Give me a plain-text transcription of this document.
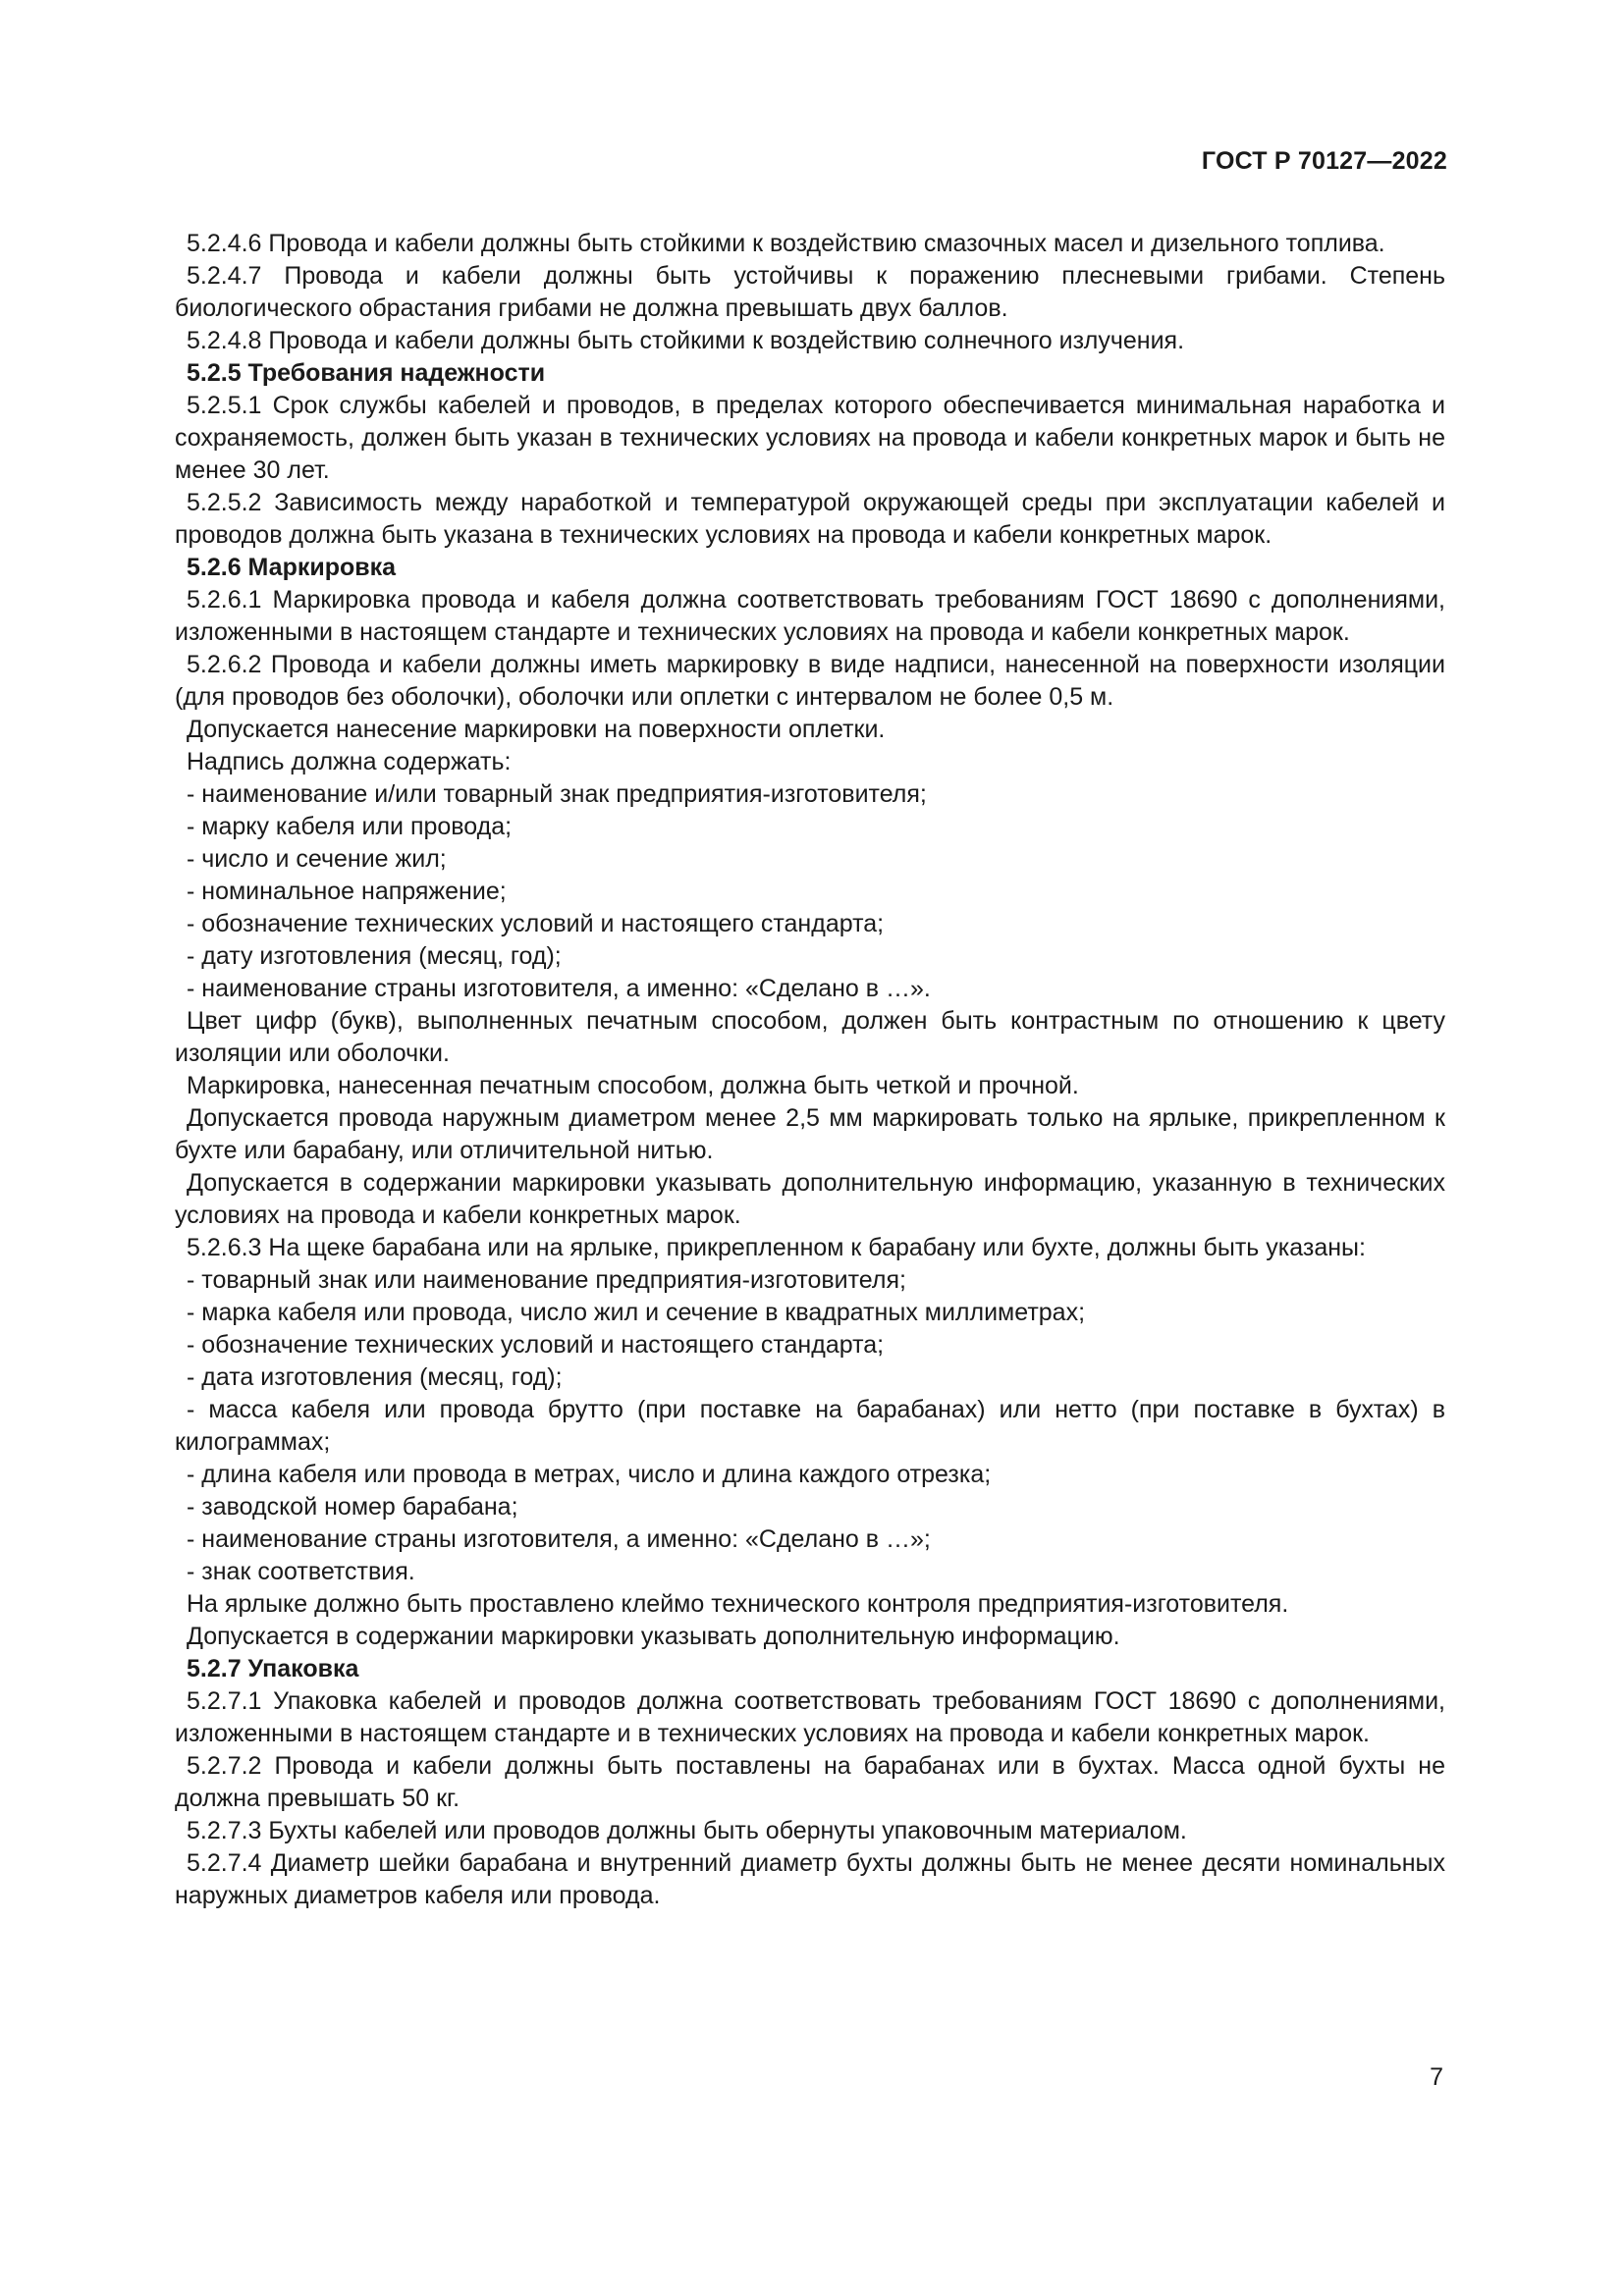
ГОСТ Р 70127—2022

5.2.4.6 Провода и кабели должны быть стойкими к воздействию смазочных масел и дизельного топлива.

5.2.4.7 Провода и кабели должны быть устойчивы к поражению плесневыми грибами. Степень биологического обрастания грибами не должна превышать двух баллов.

5.2.4.8 Провода и кабели должны быть стойкими к воздействию солнечного излучения.

5.2.5 Требования надежности

5.2.5.1 Срок службы кабелей и проводов, в пределах которого обеспечивается минимальная наработка и сохраняемость, должен быть указан в технических условиях на провода и кабели конкретных марок и быть не менее 30 лет.

5.2.5.2 Зависимость между наработкой и температурой окружающей среды при эксплуатации кабелей и проводов должна быть указана в технических условиях на провода и кабели конкретных марок.

5.2.6 Маркировка

5.2.6.1 Маркировка провода и кабеля должна соответствовать требованиям ГОСТ 18690 с дополнениями, изложенными в настоящем стандарте и технических условиях на провода и кабели конкретных марок.

5.2.6.2 Провода и кабели должны иметь маркировку в виде надписи, нанесенной на поверхности изоляции (для проводов без оболочки), оболочки или оплетки с интервалом не более 0,5 м.

Допускается нанесение маркировки на поверхности оплетки.

Надпись должна содержать:

- наименование и/или товарный знак предприятия-изготовителя;

- марку кабеля или провода;

- число и сечение жил;

- номинальное напряжение;

- обозначение технических условий и настоящего стандарта;

- дату изготовления (месяц, год);

- наименование страны изготовителя, а именно: «Сделано в …».

Цвет цифр (букв), выполненных печатным способом, должен быть контрастным по отношению к цвету изоляции или оболочки.

Маркировка, нанесенная печатным способом, должна быть четкой и прочной.

Допускается провода наружным диаметром менее 2,5 мм маркировать только на ярлыке, прикрепленном к бухте или барабану, или отличительной нитью.

Допускается в содержании маркировки указывать дополнительную информацию, указанную в технических условиях на провода и кабели конкретных марок.

5.2.6.3 На щеке барабана или на ярлыке, прикрепленном к барабану или бухте, должны быть указаны:

- товарный знак или наименование предприятия-изготовителя;

- марка кабеля или провода, число жил и сечение в квадратных миллиметрах;

- обозначение технических условий и настоящего стандарта;

- дата изготовления (месяц, год);

- масса кабеля или провода брутто (при поставке на барабанах) или нетто (при поставке в бухтах) в килограммах;

- длина кабеля или провода в метрах, число и длина каждого отрезка;

- заводской номер барабана;

- наименование страны изготовителя, а именно: «Сделано в …»;

- знак соответствия.

На ярлыке должно быть проставлено клеймо технического контроля предприятия-изготовителя.

Допускается в содержании маркировки указывать дополнительную информацию.

5.2.7 Упаковка

5.2.7.1 Упаковка кабелей и проводов должна соответствовать требованиям ГОСТ 18690 с дополнениями, изложенными в настоящем стандарте и в технических условиях на провода и кабели конкретных марок.

5.2.7.2 Провода и кабели должны быть поставлены на барабанах или в бухтах. Масса одной бухты не должна превышать 50 кг.

5.2.7.3 Бухты кабелей или проводов должны быть обернуты упаковочным материалом.

5.2.7.4 Диаметр шейки барабана и внутренний диаметр бухты должны быть не менее десяти номинальных наружных диаметров кабеля или провода.

7
